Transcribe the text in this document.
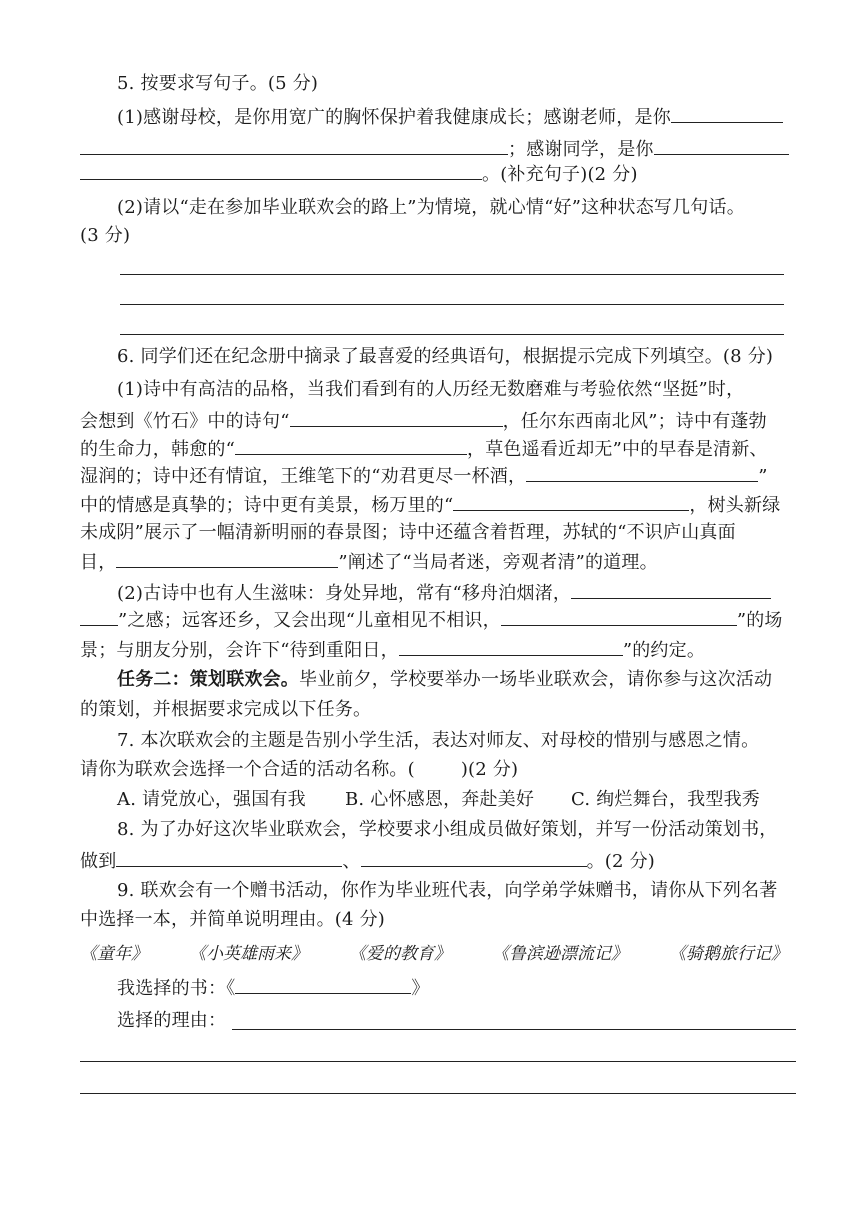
5. 按要求写句子。(5 分)
(1)感谢母校，是你用宽广的胸怀保护着我健康成长；感谢老师，是你
；感谢同学，是你
。(补充句子)(2 分)
(2)请以“走在参加毕业联欢会的路上”为情境，就心情“好”这种状态写几句话。
(3 分)
6. 同学们还在纪念册中摘录了最喜爱的经典语句，根据提示完成下列填空。(8 分)
(1)诗中有高洁的品格，当我们看到有的人历经无数磨难与考验依然“坚挺”时，
会想到《竹石》中的诗句“	，任尔东西南北风”；诗中有蓬勃
的生命力，韩愈的“	，草色遥看近却无”中的早春是清新、
湿润的；诗中还有情谊，王维笔下的“劝君更尽一杯酒，	”
中的情感是真挚的；诗中更有美景，杨万里的“	，树头新绿
未成阴”展示了一幅清新明丽的春景图；诗中还蕴含着哲理，苏轼的“不识庐山真面
目，	”阐述了“当局者迷，旁观者清”的道理。
(2)古诗中也有人生滋味：身处异地，常有“移舟泊烟渚，
”之感；远客还乡，又会出现“儿童相见不相识，	”的场
景；与朋友分别，会许下“待到重阳日，	”的约定。
任务二：策划联欢会。毕业前夕，学校要举办一场毕业联欢会，请你参与这次活动
的策划，并根据要求完成以下任务。
7. 本次联欢会的主题是告别小学生活，表达对师友、对母校的惜别与感恩之情。
请你为联欢会选择一个合适的活动名称。(	)(2 分)
A. 请党放心，强国有我 B. 心怀感恩，奔赴美好 C. 绚烂舞台，我型我秀
8. 为了办好这次毕业联欢会，学校要求小组成员做好策划，并写一份活动策划书，
做到	、	。(2 分)
9. 联欢会有一个赠书活动，你作为毕业班代表，向学弟学妹赠书，请你从下列名著
中选择一本，并简单说明理由。(4 分)
《童年》 《小英雄雨来》 《爱的教育》 《鲁滨逊漂流记》 《骑鹅旅行记》
我选择的书：《	》
选择的理由：
